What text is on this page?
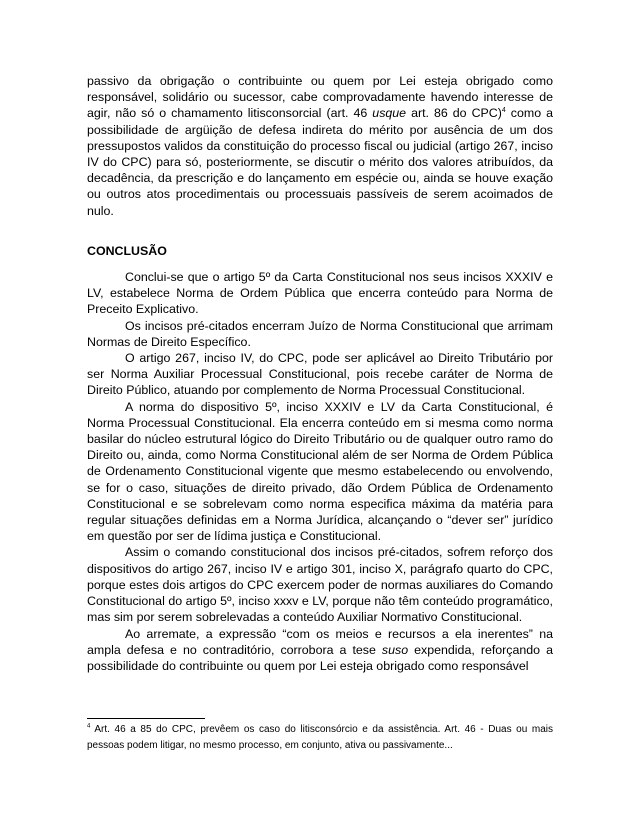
passivo da obrigação o contribuinte ou quem por Lei esteja obrigado como responsável, solidário ou sucessor, cabe comprovadamente havendo interesse de agir, não só o chamamento litisconsorcial (art. 46 usque art. 86 do CPC)$^4$ como a possibilidade de argüição de defesa indireta do mérito por ausência de um dos pressupostos validos da constituição do processo fiscal ou judicial (artigo 267, inciso IV do CPC) para só, posteriormente, se discutir o mérito dos valores atribuídos, da decadência, da prescrição e do lançamento em espécie ou, ainda se houve exação ou outros atos procedimentais ou processuais passíveis de serem acoimados de nulo.

CONCLUSÃO

Conclui-se que o artigo 5º da Carta Constitucional nos seus incisos XXXIV e LV, estabelece Norma de Ordem Pública que encerra conteúdo para Norma de Preceito Explicativo.

Os incisos pré-citados encerram Juízo de Norma Constitucional que arrimam Normas de Direito Específico.

O artigo 267, inciso IV, do CPC, pode ser aplicável ao Direito Tributário por ser Norma Auxiliar Processual Constitucional, pois recebe caráter de Norma de Direito Público, atuando por complemento de Norma Processual Constitucional.

A norma do dispositivo 5º, inciso XXXIV e LV da Carta Constitucional, é Norma Processual Constitucional. Ela encerra conteúdo em si mesma como norma basilar do núcleo estrutural lógico do Direito Tributário ou de qualquer outro ramo do Direito ou, ainda, como Norma Constitucional além de ser Norma de Ordem Pública de Ordenamento Constitucional vigente que mesmo estabelecendo ou envolvendo, se for o caso, situações de direito privado, dão Ordem Pública de Ordenamento Constitucional e se sobrelevam como norma especifica máxima da matéria para regular situações definidas em a Norma Jurídica, alcançando o “dever ser” jurídico em questão por ser de lídima justiça e Constitucional.

Assim o comando constitucional dos incisos pré-citados, sofrem reforço dos dispositivos do artigo 267, inciso IV e artigo 301, inciso X, parágrafo quarto do CPC, porque estes dois artigos do CPC exercem poder de normas auxiliares do Comando Constitucional do artigo 5º, inciso xxxv e LV, porque não têm conteúdo programático, mas sim por serem sobrelevadas a conteúdo Auxiliar Normativo Constitucional.

Ao arremate, a expressão “com os meios e recursos a ela inerentes” na ampla defesa e no contraditório, corrobora a tese suso expendida, reforçando a possibilidade do contribuinte ou quem por Lei esteja obrigado como responsável

$^4$ Art. 46 a 85 do CPC, prevêem os caso do litisconsórcio e da assistência. Art. 46 - Duas ou mais pessoas podem litigar, no mesmo processo, em conjunto, ativa ou passivamente...
